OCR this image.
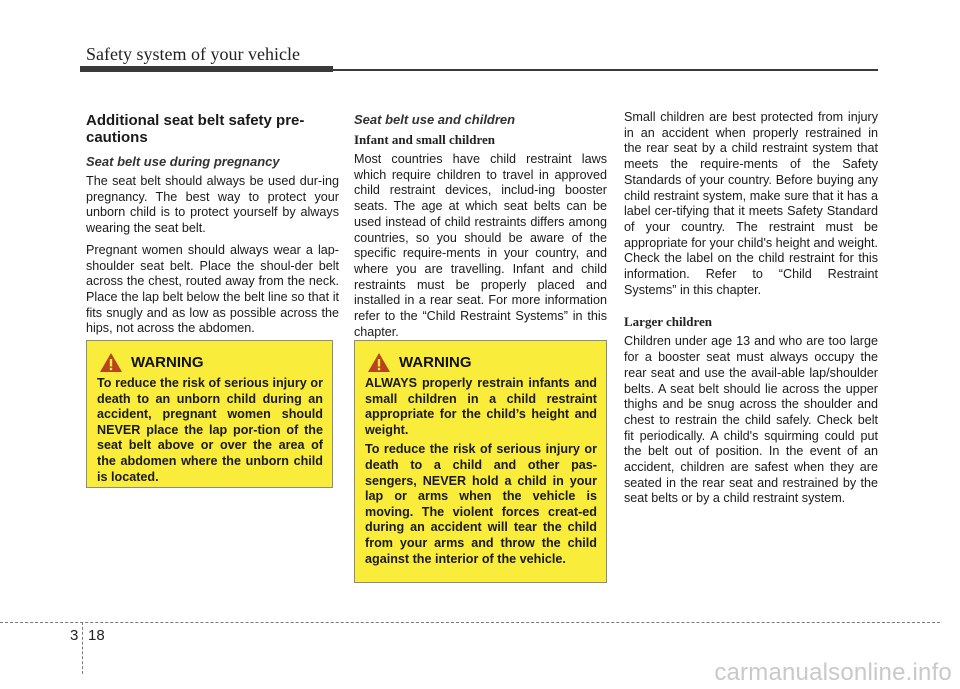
Safety system of your vehicle
Additional seat belt safety pre-cautions
Seat belt use during pregnancy

The seat belt should always be used dur-ing pregnancy. The best way to protect your unborn child is to protect yourself by always wearing the seat belt.

Pregnant women should always wear a lap-shoulder seat belt. Place the shoul-der belt across the chest, routed away from the neck. Place the lap belt below the belt line so that it fits snugly and as low as possible across the hips, not across the abdomen.

WARNING

To reduce the risk of serious injury or death to an unborn child during an accident, pregnant women should NEVER place the lap por-tion of the seat belt above or over the area of the abdomen where the unborn child is located.

Seat belt use and children
Infant and small children

Most countries have child restraint laws which require children to travel in approved child restraint devices, includ-ing booster seats. The age at which seat belts can be used instead of child restraints differs among countries, so you should be aware of the specific require-ments in your country, and where you are travelling. Infant and child restraints must be properly placed and installed in a rear seat. For more information refer to the “Child Restraint Systems” in this chapter.

WARNING

ALWAYS properly restrain infants and small children in a child restraint appropriate for the child’s height and weight.

To reduce the risk of serious injury or death to a child and other pas-sengers, NEVER hold a child in your lap or arms when the vehicle is moving. The violent forces creat-ed during an accident will tear the child from your arms and throw the child against the interior of the vehicle.

Small children are best protected from injury in an accident when properly restrained in the rear seat by a child restraint system that meets the require-ments of the Safety Standards of your country. Before buying any child restraint system, make sure that it has a label cer-tifying that it meets Safety Standard of your country. The restraint must be appropriate for your child's height and weight. Check the label on the child restraint for this information. Refer to “Child Restraint Systems” in this chapter.

Larger children

Children under age 13 and who are too large for a booster seat must always occupy the rear seat and use the avail-able lap/shoulder belts. A seat belt should lie across the upper thighs and be snug across the shoulder and chest to restrain the child safely. Check belt fit periodically. A child's squirming could put the belt out of position. In the event of an accident, children are safest when they are seated in the rear seat and restrained by the seat belts or by a child restraint system.

3 18
carmanualsonline.info
